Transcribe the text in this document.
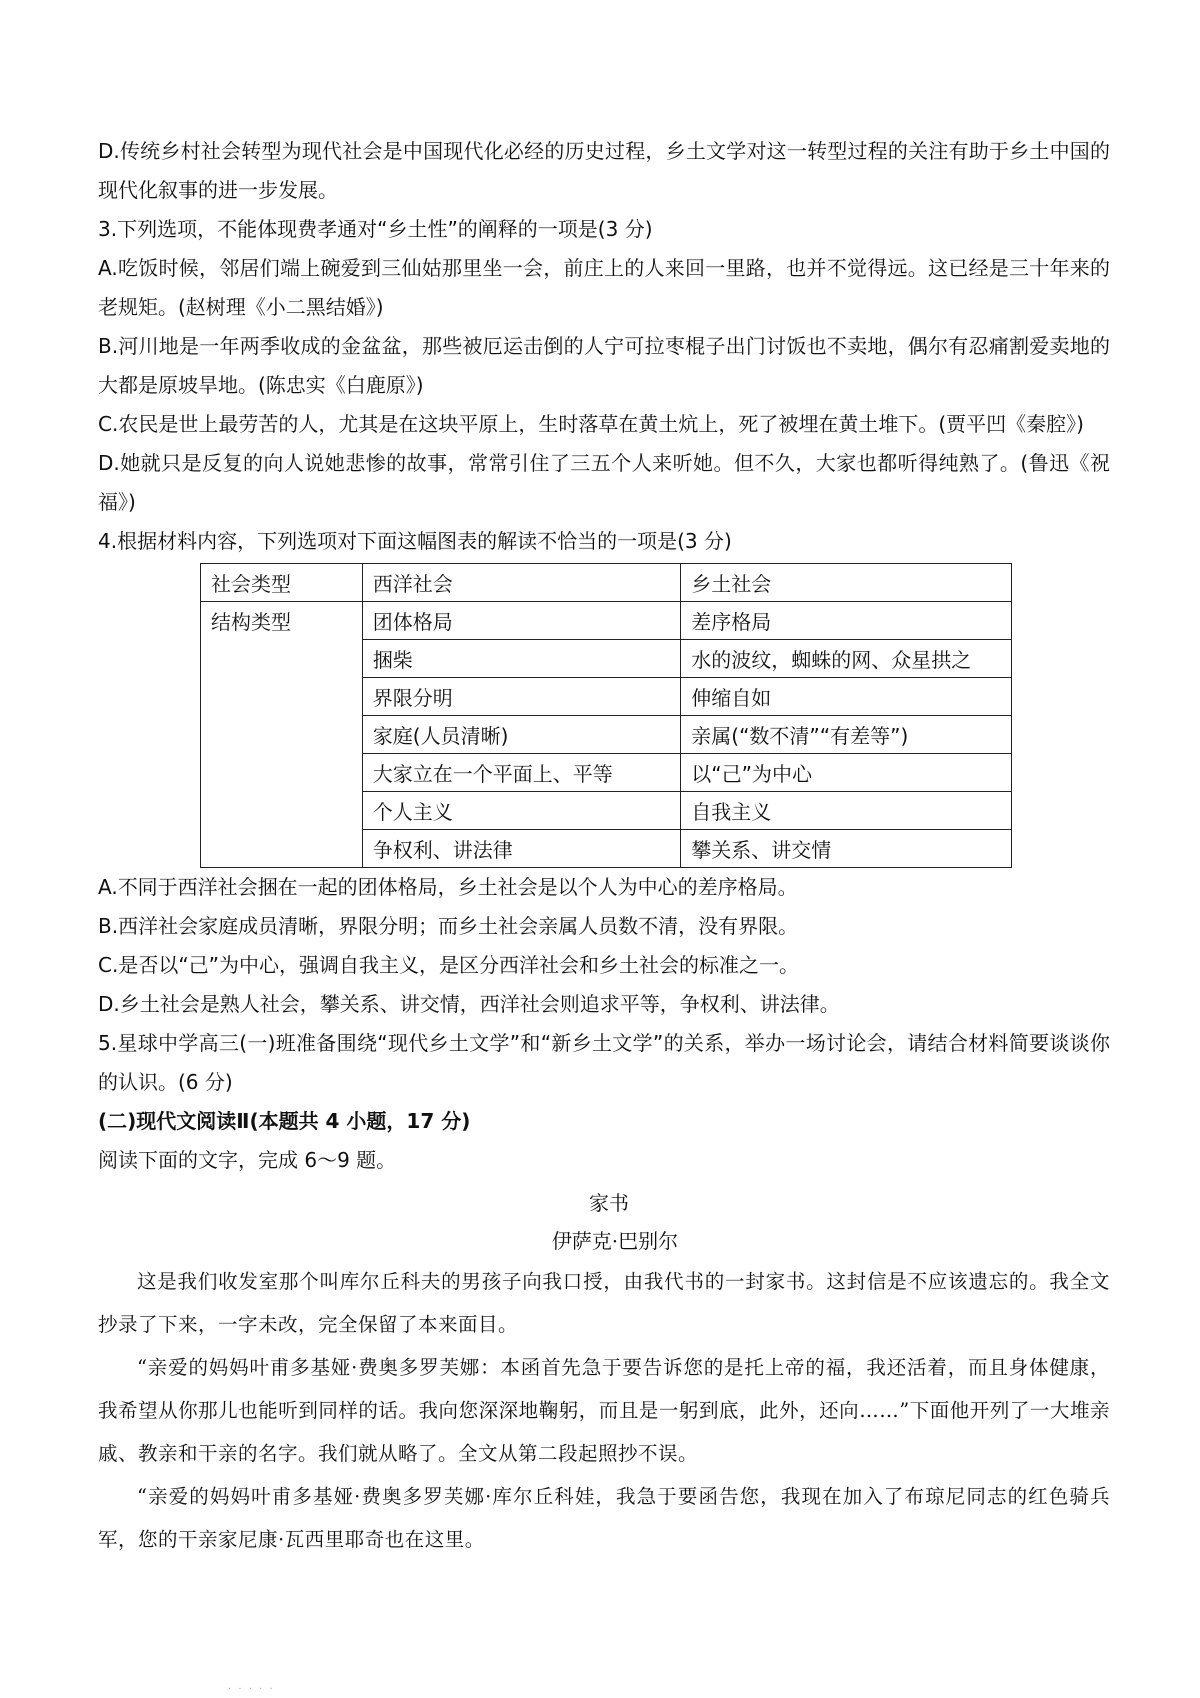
D.传统乡村社会转型为现代社会是中国现代化必经的历史过程，乡土文学对这一转型过程的关注有助于乡土中国的现代化叙事的进一步发展。

3.下列选项，不能体现费孝通对“乡土性”的阐释的一项是(3 分)

A.吃饭时候，邻居们端上碗爱到三仙姑那里坐一会，前庄上的人来回一里路，也并不觉得远。这已经是三十年来的老规矩。(赵树理《小二黑结婚》)

B.河川地是一年两季收成的金盆盆，那些被厄运击倒的人宁可拉枣棍子出门讨饭也不卖地，偶尔有忍痛割爱卖地的大都是原坡旱地。(陈忠实《白鹿原》)

C.农民是世上最劳苦的人，尤其是在这块平原上，生时落草在黄土炕上，死了被埋在黄土堆下。(贾平凹《秦腔》)

D.她就只是反复的向人说她悲惨的故事，常常引住了三五个人来听她。但不久，大家也都听得纯熟了。(鲁迅《祝福》)

4.根据材料内容，下列选项对下面这幅图表的解读不恰当的一项是(3 分)

社会类型	西洋社会	乡土社会
结构类型	团体格局	差序格局
	捆柴	水的波纹，蜘蛛的网、众星拱之
	界限分明	伸缩自如
	家庭(人员清晰)	亲属(“数不清”“有差等”)
	大家立在一个平面上、平等	以“己”为中心
	个人主义	自我主义
	争权利、讲法律	攀关系、讲交情

A.不同于西洋社会捆在一起的团体格局，乡土社会是以个人为中心的差序格局。

B.西洋社会家庭成员清晰，界限分明；而乡土社会亲属人员数不清，没有界限。

C.是否以“己”为中心，强调自我主义，是区分西洋社会和乡土社会的标准之一。

D.乡土社会是熟人社会，攀关系、讲交情，西洋社会则追求平等，争权利、讲法律。

5.星球中学高三(一)班准备围绕“现代乡土文学”和“新乡土文学”的关系，举办一场讨论会，请结合材料简要谈谈你的认识。(6 分)

(二)现代文阅读Ⅱ(本题共 4 小题，17 分)

阅读下面的文字，完成 6～9 题。

家书

伊萨克·巴别尔

这是我们收发室那个叫库尔丘科夫的男孩子向我口授，由我代书的一封家书。这封信是不应该遗忘的。我全文抄录了下来，一字未改，完全保留了本来面目。

“亲爱的妈妈叶甫多基娅·费奥多罗芙娜：本函首先急于要告诉您的是托上帝的福，我还活着，而且身体健康，我希望从你那儿也能听到同样的话。我向您深深地鞠躬，而且是一躬到底，此外，还向……”下面他开列了一大堆亲戚、教亲和干亲的名字。我们就从略了。全文从第二段起照抄不误。

“亲爱的妈妈叶甫多基娅·费奥多罗芙娜·库尔丘科娃，我急于要函告您，我现在加入了布琼尼同志的红色骑兵军，您的干亲家尼康·瓦西里耶奇也在这里。

· · · · ·
